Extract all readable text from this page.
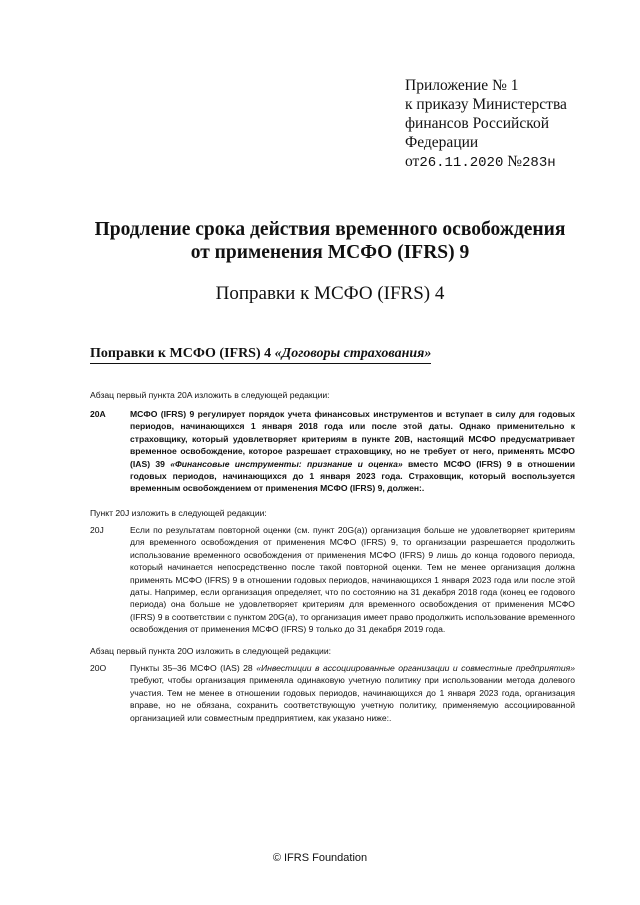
Приложение № 1
к приказу Министерства
финансов Российской
Федерации
от26.11.2020 №283н
Продление срока действия временного освобождения
от применения МСФО (IFRS) 9
Поправки к МСФО (IFRS) 4
Поправки к МСФО (IFRS) 4 «Договоры страхования»
Абзац первый пункта 20A изложить в следующей редакции:
20A	МСФО (IFRS) 9 регулирует порядок учета финансовых инструментов и вступает в силу для годовых периодов, начинающихся 1 января 2018 года или после этой даты. Однако применительно к страховщику, который удовлетворяет критериям в пункте 20B, настоящий МСФО предусматривает временное освобождение, которое разрешает страховщику, но не требует от него, применять МСФО (IAS) 39 «Финансовые инструменты: признание и оценка» вместо МСФО (IFRS) 9 в отношении годовых периодов, начинающихся до 1 января 2023 года. Страховщик, который воспользуется временным освобождением от применения МСФО (IFRS) 9, должен:.
Пункт 20J изложить в следующей редакции:
20J	Если по результатам повторной оценки (см. пункт 20G(a)) организация больше не удовлетворяет критериям для временного освобождения от применения МСФО (IFRS) 9, то организации разрешается продолжить использование временного освобождения от применения МСФО (IFRS) 9 лишь до конца годового периода, который начинается непосредственно после такой повторной оценки. Тем не менее организация должна применять МСФО (IFRS) 9 в отношении годовых периодов, начинающихся 1 января 2023 года или после этой даты. Например, если организация определяет, что по состоянию на 31 декабря 2018 года (конец ее годового периода) она больше не удовлетворяет критериям для временного освобождения от применения МСФО (IFRS) 9 в соответствии с пунктом 20G(a), то организация имеет право продолжить использование временного освобождения от применения МСФО (IFRS) 9 только до 31 декабря 2019 года.
Абзац первый пункта 20O изложить в следующей редакции:
20O	Пункты 35–36 МСФО (IAS) 28 «Инвестиции в ассоциированные организации и совместные предприятия» требуют, чтобы организация применяла одинаковую учетную политику при использовании метода долевого участия. Тем не менее в отношении годовых периодов, начинающихся до 1 января 2023 года, организация вправе, но не обязана, сохранить соответствующую учетную политику, применяемую ассоциированной организацией или совместным предприятием, как указано ниже:.
© IFRS Foundation
